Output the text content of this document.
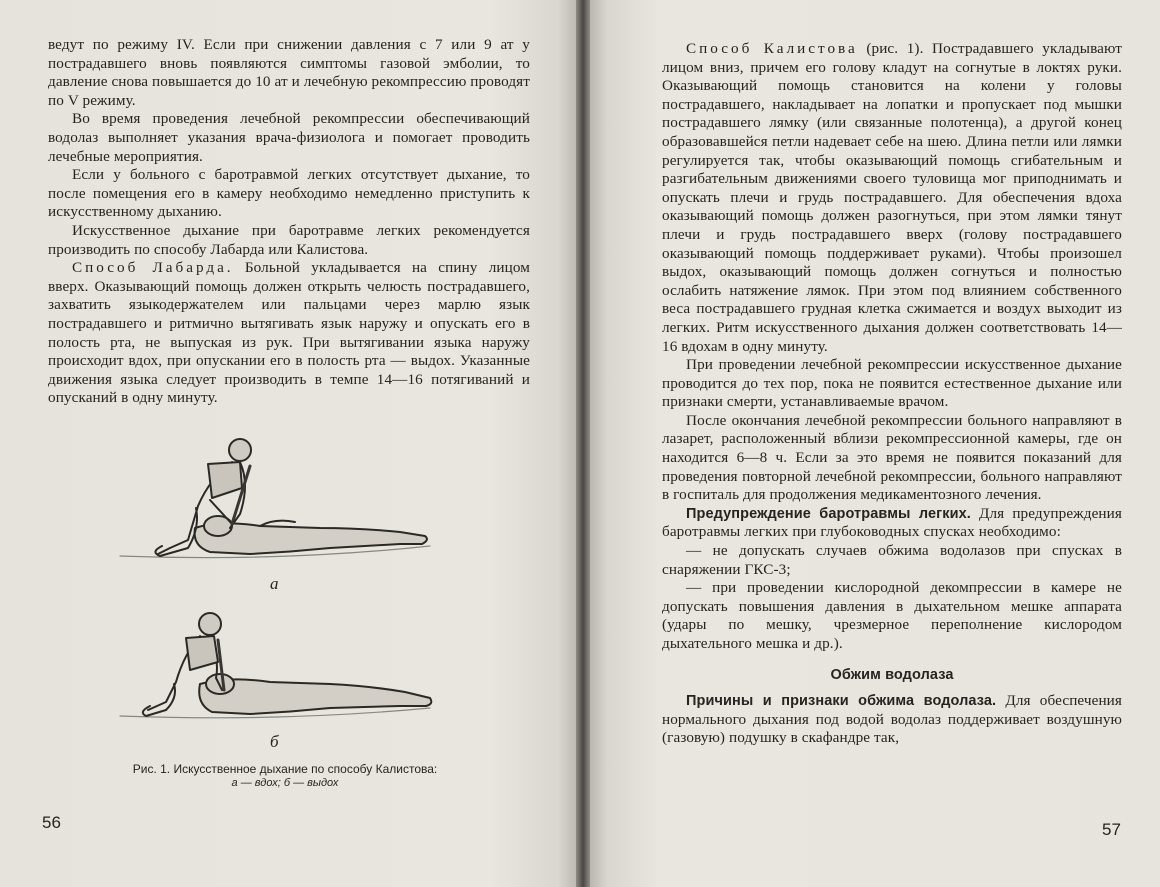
ведут по режиму IV. Если при снижении давления с 7 или 9 ат у пострадавшего вновь появляются симптомы газовой эмболии, то давление снова повышается до 10 ат и лечебную рекомпрессию проводят по V режиму.

Во время проведения лечебной рекомпрессии обеспечивающий водолаз выполняет указания врача-физиолога и помогает проводить лечебные мероприятия.

Если у больного с баротравмой легких отсутствует дыхание, то после помещения его в камеру необходимо немедленно приступить к искусственному дыханию.

Искусственное дыхание при баротравме легких рекомендуется производить по способу Лабарда или Калистова.

Способ Лабарда. Больной укладывается на спину лицом вверх. Оказывающий помощь должен открыть челюсть пострадавшего, захватить языкодержателем или пальцами через марлю язык пострадавшего и ритмично вытягивать язык наружу и опускать его в полость рта, не выпуская из рук. При вытягивании языка наружу происходит вдох, при опускании его в полость рта — выдох. Указанные движения языка следует производить в темпе 14—16 потягиваний и опусканий в одну минуту.

а
б
Рис. 1. Искусственное дыхание по способу Калистова:
а — вдох; б — выдох
56

Способ Калистова (рис. 1). Пострадавшего укладывают лицом вниз, причем его голову кладут на согнутые в локтях руки. Оказывающий помощь становится на колени у головы пострадавшего, накладывает на лопатки и пропускает под мышки пострадавшего лямку (или связанные полотенца), а другой конец образовавшейся петли надевает себе на шею. Длина петли или лямки регулируется так, чтобы оказывающий помощь сгибательным и разгибательным движениями своего туловища мог приподнимать и опускать плечи и грудь пострадавшего. Для обеспечения вдоха оказывающий помощь должен разогнуться, при этом лямки тянут плечи и грудь пострадавшего вверх (голову пострадавшего оказывающий помощь поддерживает руками). Чтобы произошел выдох, оказывающий помощь должен согнуться и полностью ослабить натяжение лямок. При этом под влиянием собственного веса пострадавшего грудная клетка сжимается и воздух выходит из легких. Ритм искусственного дыхания должен соответствовать 14—16 вдохам в одну минуту.

При проведении лечебной рекомпрессии искусственное дыхание проводится до тех пор, пока не появится естественное дыхание или признаки смерти, устанавливаемые врачом.

После окончания лечебной рекомпрессии больного направляют в лазарет, расположенный вблизи рекомпрессионной камеры, где он находится 6—8 ч. Если за это время не появится показаний для проведения повторной лечебной рекомпрессии, больного направляют в госпиталь для продолжения медикаментозного лечения.

Предупреждение баротравмы легких. Для предупреждения баротравмы легких при глубоководных спусках необходимо:

— не допускать случаев обжима водолазов при спусках в снаряжении ГКС-3;

— при проведении кислородной декомпрессии в камере не допускать повышения давления в дыхательном мешке аппарата (удары по мешку, чрезмерное переполнение кислородом дыхательного мешка и др.).

Обжим водолаза

Причины и признаки обжима водолаза. Для обеспечения нормального дыхания под водой водолаз поддерживает воздушную (газовую) подушку в скафандре так,

57
